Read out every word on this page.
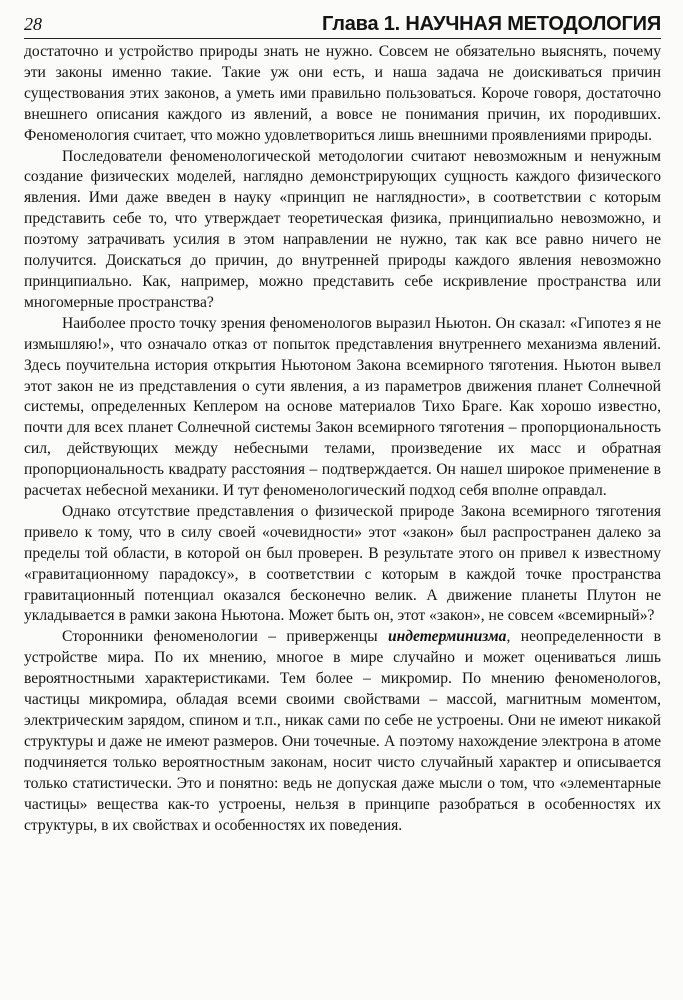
28	Глава 1. НАУЧНАЯ МЕТОДОЛОГИЯ

достаточно и устройство природы знать не нужно. Совсем не обязательно выяснять, почему эти законы именно такие. Такие уж они есть, и наша задача не доискиваться причин существования этих законов, а уметь ими правильно пользоваться. Короче говоря, достаточно внешнего описания каждого из явлений, а вовсе не понимания причин, их породивших. Феноменология считает, что можно удовлетвориться лишь внешними проявлениями природы.

Последователи феноменологической методологии считают невозможным и ненужным создание физических моделей, наглядно демонстрирующих сущность каждого физического явления. Ими даже введен в науку «принцип не наглядности», в соответствии с которым представить себе то, что утверждает теоретическая физика, принципиально невозможно, и поэтому затрачивать усилия в этом направлении не нужно, так как все равно ничего не получится. Доискаться до причин, до внутренней природы каждого явления невозможно принципиально. Как, например, можно представить себе искривление пространства или многомерные пространства?

Наиболее просто точку зрения феноменологов выразил Ньютон. Он сказал: «Гипотез я не измышляю!», что означало отказ от попыток представления внутреннего механизма явлений. Здесь поучительна история открытия Ньютоном Закона всемирного тяготения. Ньютон вывел этот закон не из представления о сути явления, а из параметров движения планет Солнечной системы, определенных Кеплером на основе материалов Тихо Браге. Как хорошо известно, почти для всех планет Солнечной системы Закон всемирного тяготения – пропорциональность сил, действующих между небесными телами, произведение их масс и обратная пропорциональность квадрату расстояния – подтверждается. Он нашел широкое применение в расчетах небесной механики. И тут феноменологический подход себя вполне оправдал.

Однако отсутствие представления о физической природе Закона всемирного тяготения привело к тому, что в силу своей «очевидности» этот «закон» был распространен далеко за пределы той области, в которой он был проверен. В результате этого он привел к известному «гравитационному парадоксу», в соответствии с которым в каждой точке пространства гравитационный потенциал оказался бесконечно велик. А движение планеты Плутон не укладывается в рамки закона Ньютона. Может быть он, этот «закон», не совсем «всемирный»?

Сторонники феноменологии – приверженцы индетерминизма, неопределенности в устройстве мира. По их мнению, многое в мире случайно и может оцениваться лишь вероятностными характеристиками. Тем более – микромир. По мнению феноменологов, частицы микромира, обладая всеми своими свойствами – массой, магнитным моментом, электрическим зарядом, спином и т.п., никак сами по себе не устроены. Они не имеют никакой структуры и даже не имеют размеров. Они точечные. А поэтому нахождение электрона в атоме подчиняется только вероятностным законам, носит чисто случайный характер и описывается только статистически. Это и понятно: ведь не допуская даже мысли о том, что «элементарные частицы» вещества как-то устроены, нельзя в принципе разобраться в особенностях их структуры, в их свойствах и особенностях их поведения.
